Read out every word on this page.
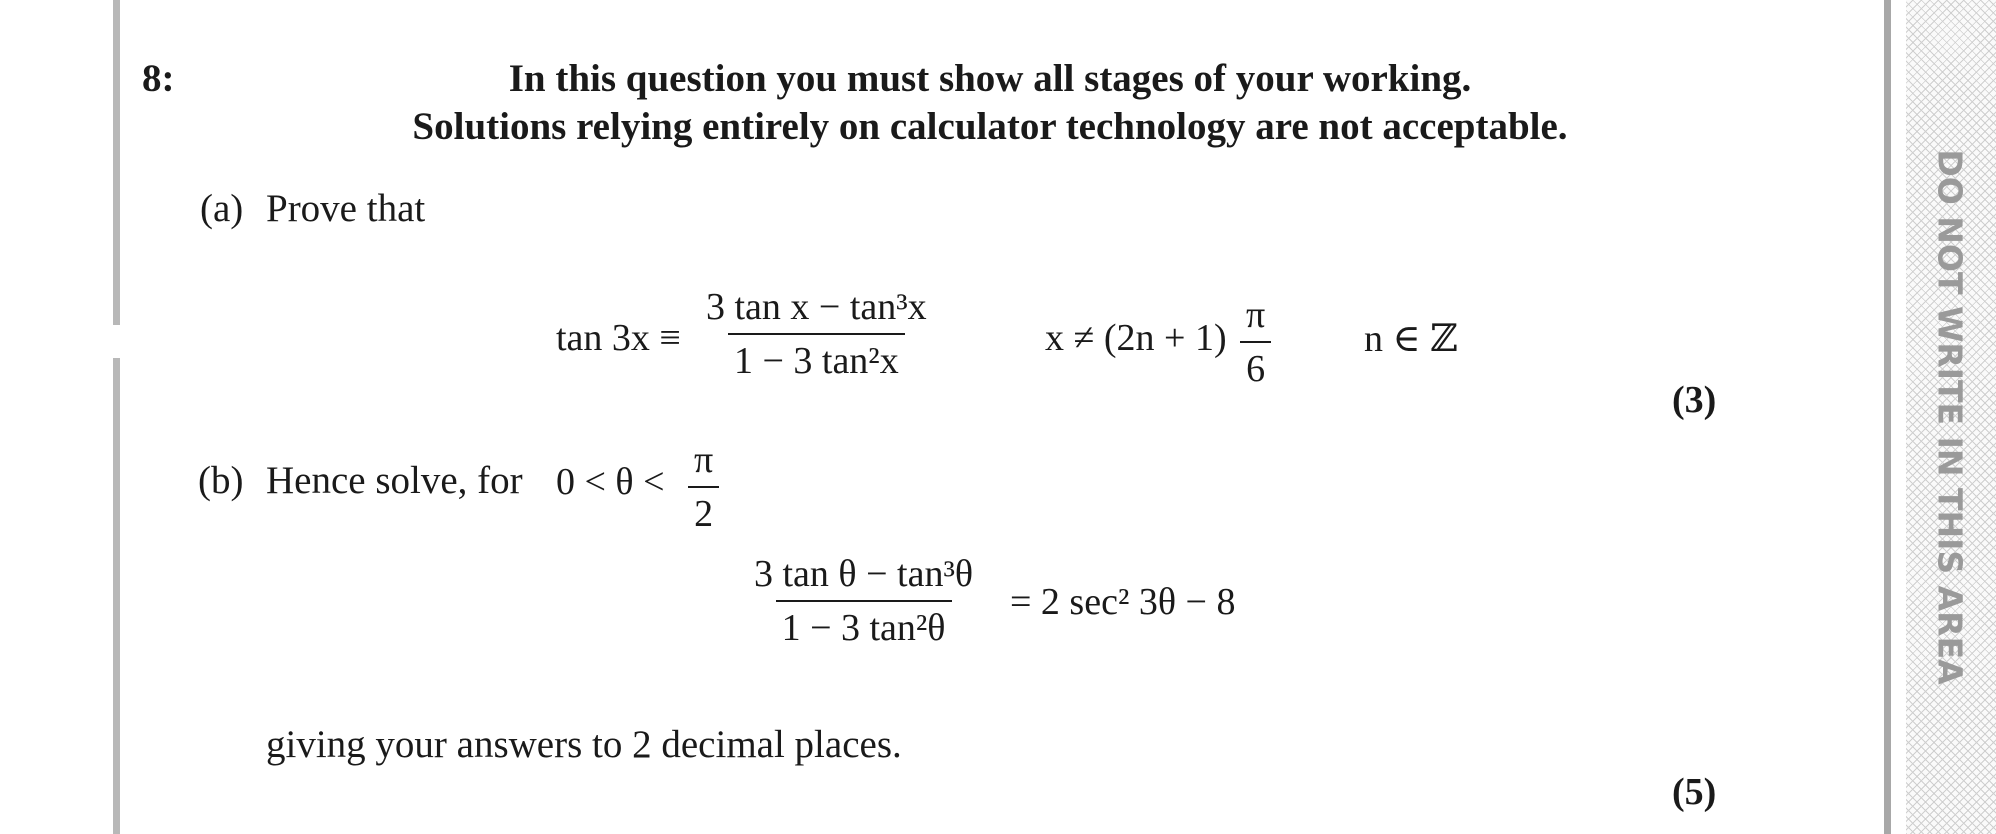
DO NOT WRITE IN THIS AREA
8:	In this question you must show all stages of your working.
Solutions relying entirely on calculator technology are not acceptable.
(a) Prove that
$\tan 3x \equiv \frac{\text{3 tan x − tan³x}}{\text{1 − 3 tan²x}}$	$x \ne (2n + 1) \frac{\pi}{6}$ n ∈ ℤ
(3)
(b) Hence solve, for $0 < \theta < \frac{\pi}{2}$
$\frac{\text{3 tan θ − tan³θ}}{\text{1 − 3 tan²θ}} = 2$ sec² 3θ − 8
giving your answers to 2 decimal places.
(5)
